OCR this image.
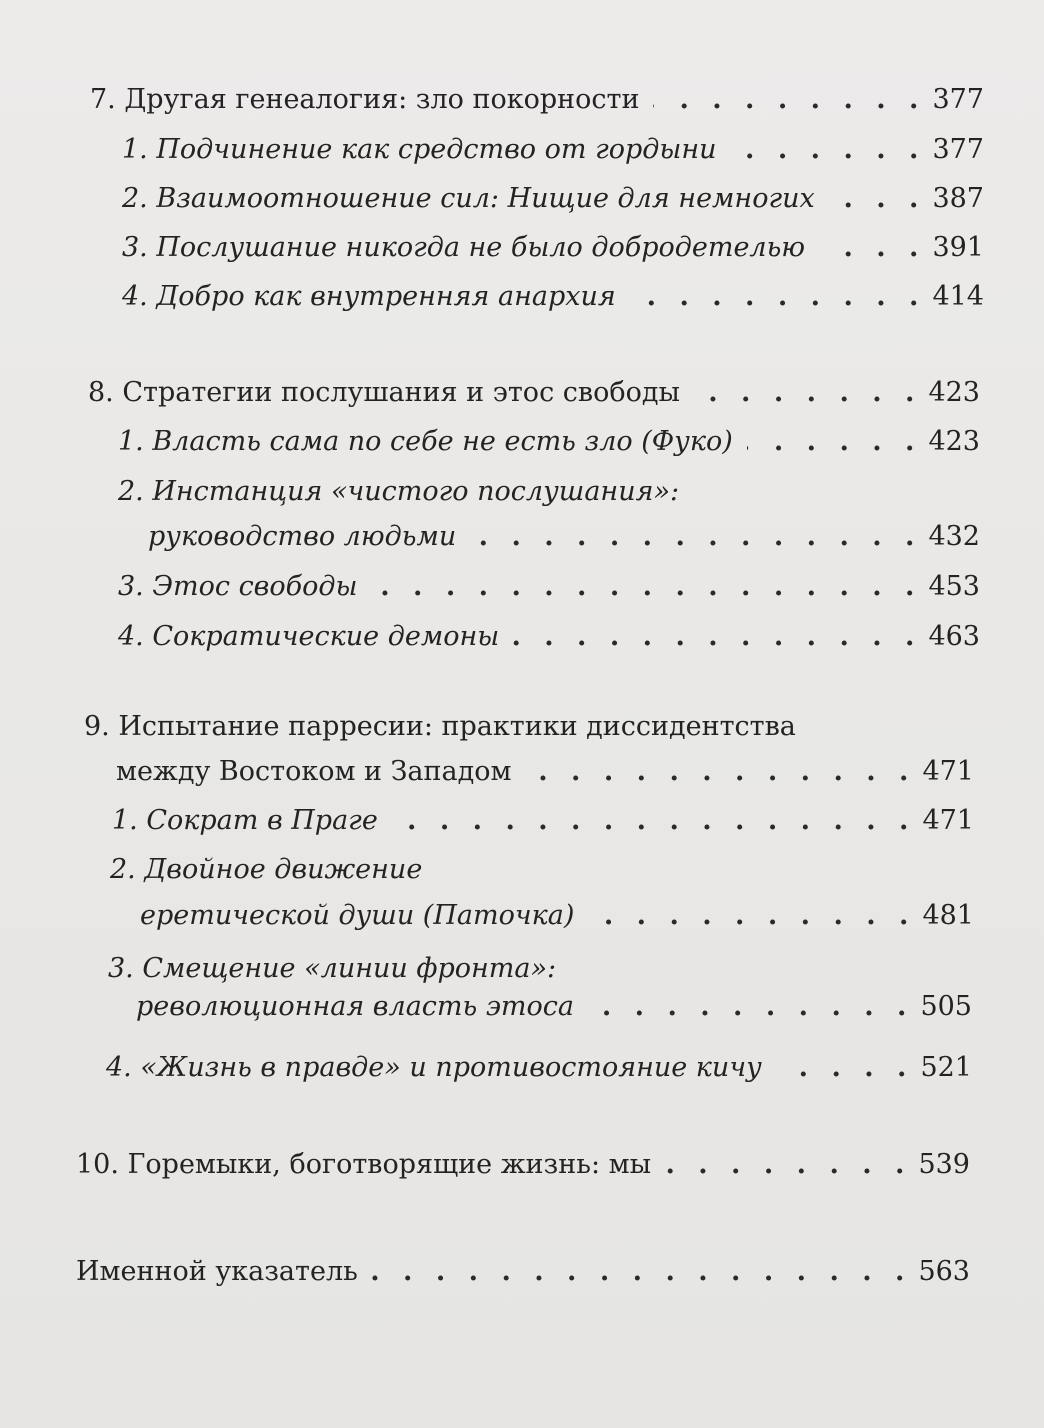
7. Другая генеалогия: зло покорности . . .	377
1. Подчинение как средство от гордыни . . .	377
2. Взаимоотношение сил: Нищие для немногих . . .	387
3. Послушание никогда не было добродетелью . . .	391
4. Добро как внутренняя анархия . . .	414
8. Стратегии послушания и этос свободы . . .	423
1. Власть сама по себе не есть зло (Фуко) . . .	423
2. Инстанция «чистого послушания»:
руководство людьми . . .	432
3. Этос свободы . . .	453
4. Сократические демоны . . .	463
9. Испытание парресии: практики диссидентства
между Востоком и Западом . . .	471
1. Сократ в Праге . . .	471
2. Двойное движение
еретической души (Паточка) . . .	481
3. Смещение «линии фронта»:
революционная власть этоса . . .	505
4. «Жизнь в правде» и противостояние кичу . . .	521
10. Горемыки, боготворящие жизнь: мы . . .	539
Именной указатель . . .	563
